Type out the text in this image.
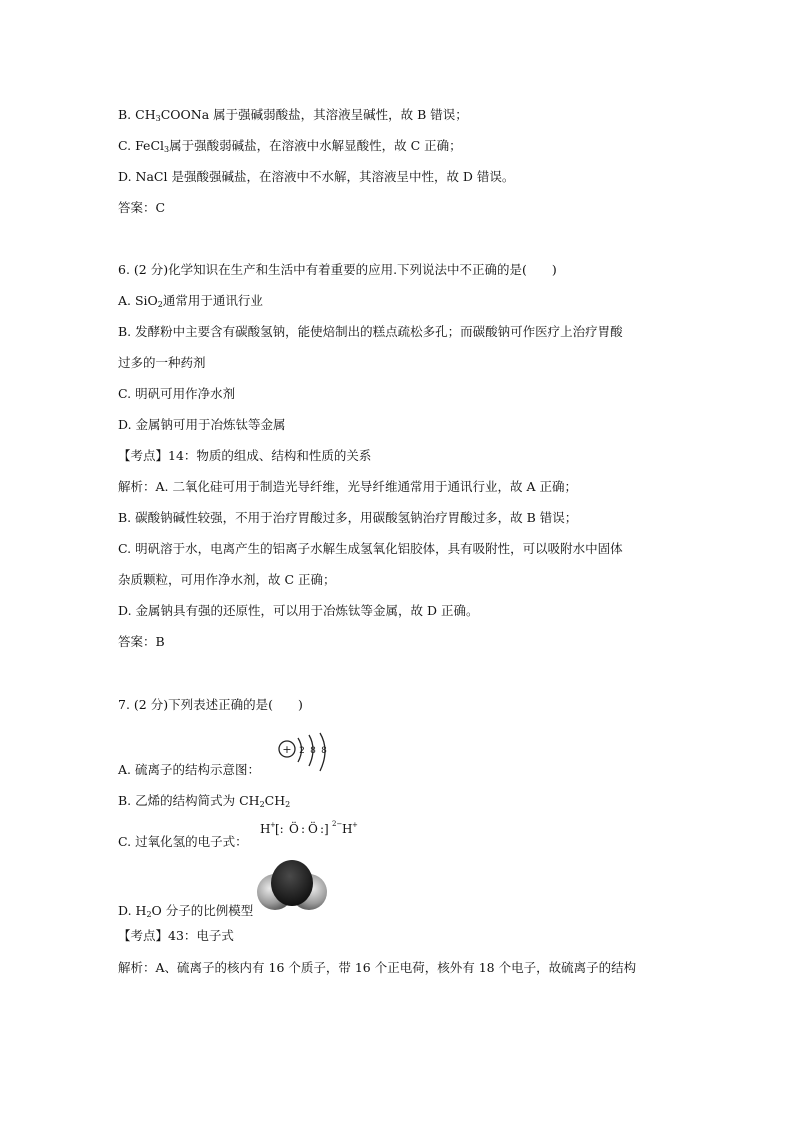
B. $CH_3COONa$ 属于强碱弱酸盐，其溶液呈碱性，故 B 错误；
C. FeCl$_3$属于强酸弱碱盐，在溶液中水解显酸性，故 C 正确；
D. NaCl 是强酸强碱盐，在溶液中不水解，其溶液呈中性，故 D 错误。
答案：C
6. (2 分)化学知识在生产和生活中有着重要的应用.下列说法中不正确的是(　　)
A. SiO$_2$通常用于通讯行业
B. 发酵粉中主要含有碳酸氢钠，能使焙制出的糕点疏松多孔；而碳酸钠可作医疗上治疗胃酸
过多的一种药剂
C. 明矾可用作净水剂
D. 金属钠可用于冶炼钛等金属
【考点】14：物质的组成、结构和性质的关系
解析：A. 二氧化硅可用于制造光导纤维，光导纤维通常用于通讯行业，故 A 正确；
B. 碳酸钠碱性较强，不用于治疗胃酸过多，用碳酸氢钠治疗胃酸过多，故 B 错误；
C. 明矾溶于水，电离产生的铝离子水解生成氢氧化铝胶体，具有吸附性，可以吸附水中固体
杂质颗粒，可用作净水剂，故 C 正确；
D. 金属钠具有强的还原性，可以用于冶炼钛等金属，故 D 正确。
答案：B
7. (2 分)下列表述正确的是(　　)
+ 2 8 8
A. 硫离子的结构示意图：
B. 乙烯的结构简式为 $CH_2CH_2$
H + [: Ö : Ö :] 2− H +
C. 过氧化氢的电子式：
D. $H_2O$ 分子的比例模型
【考点】43：电子式
解析：A、硫离子的核内有 16 个质子，带 16 个正电荷，核外有 18 个电子，故硫离子的结构
